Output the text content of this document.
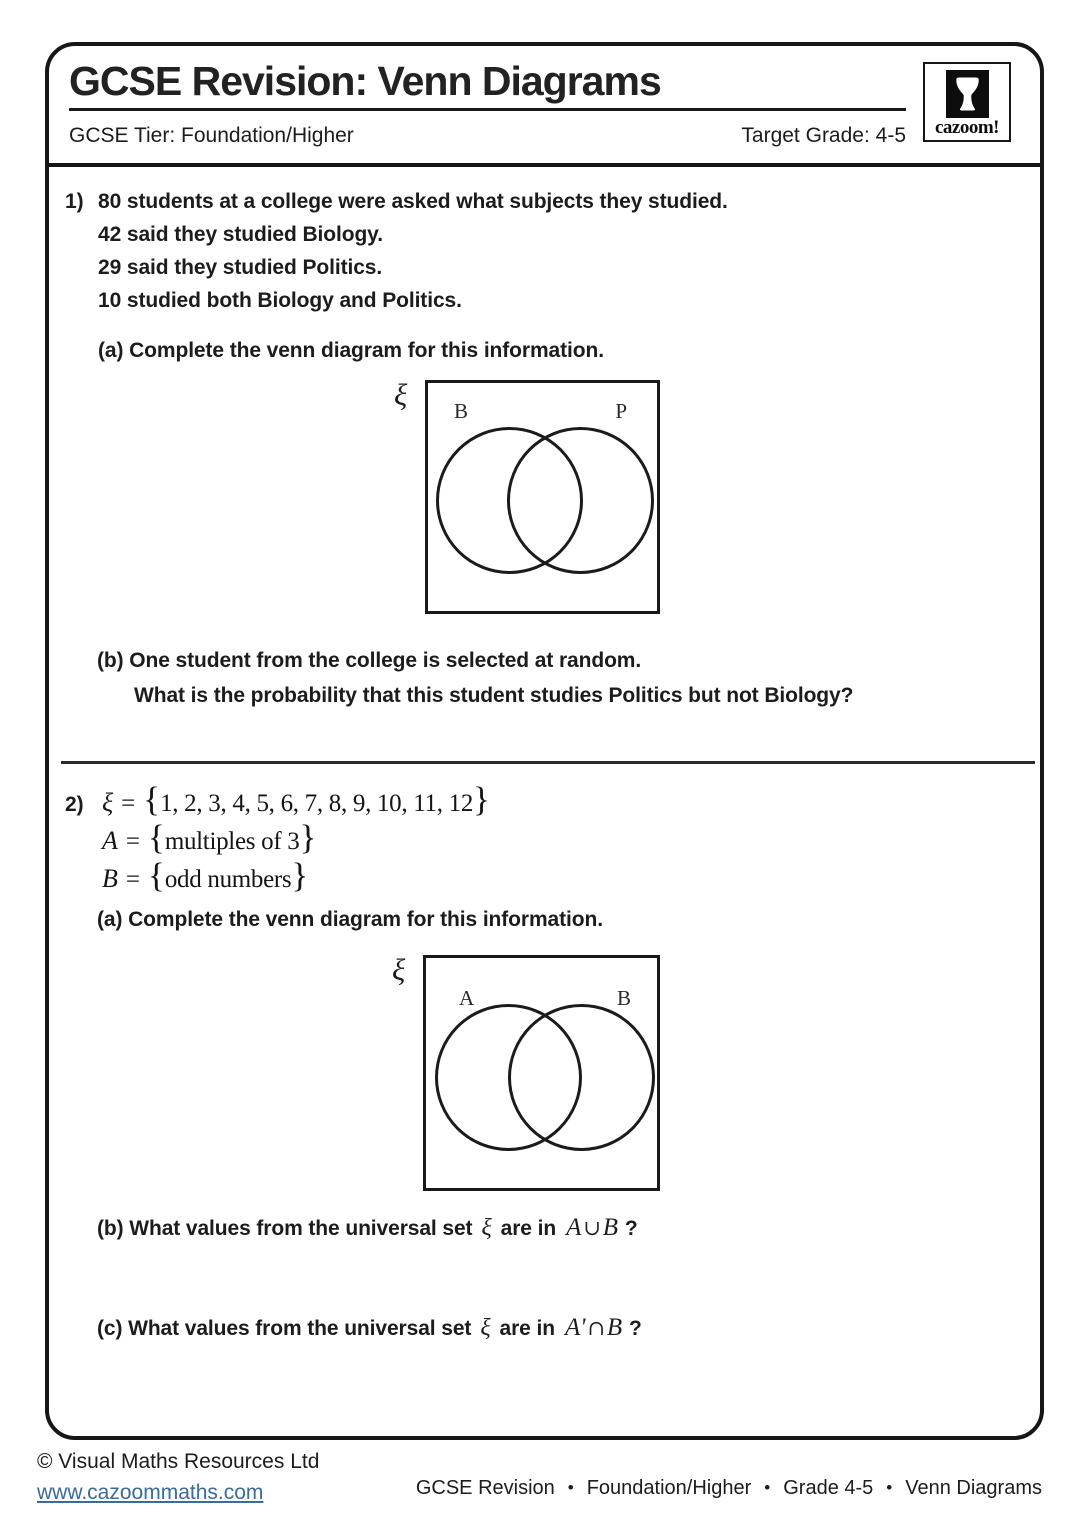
GCSE Revision: Venn Diagrams
GCSE Tier: Foundation/Higher	Target Grade: 4-5	cazoom!
1) 80 students at a college were asked what subjects they studied.
42 said they studied Biology.
29 said they studied Politics.
10 studied both Biology and Politics.
(a) Complete the venn diagram for this information.
ξ B	P
(b) One student from the college is selected at random.
What is the probability that this student studies Politics but not Biology?
2) ξ = { 1, 2, 3, 4, 5, 6, 7, 8, 9, 10, 11, 12 }
A = { multiples of 3 }
B = { odd numbers }
(a) Complete the venn diagram for this information.
ξ
A	B
(b) What values from the universal set ξ are in A∪B ?
(c) What values from the universal set ξ are in A'∩B ?
© Visual Maths Resources Ltd
www.cazoommaths.com	GCSE Revision • Foundation/Higher • Grade 4-5 • Venn Diagrams
